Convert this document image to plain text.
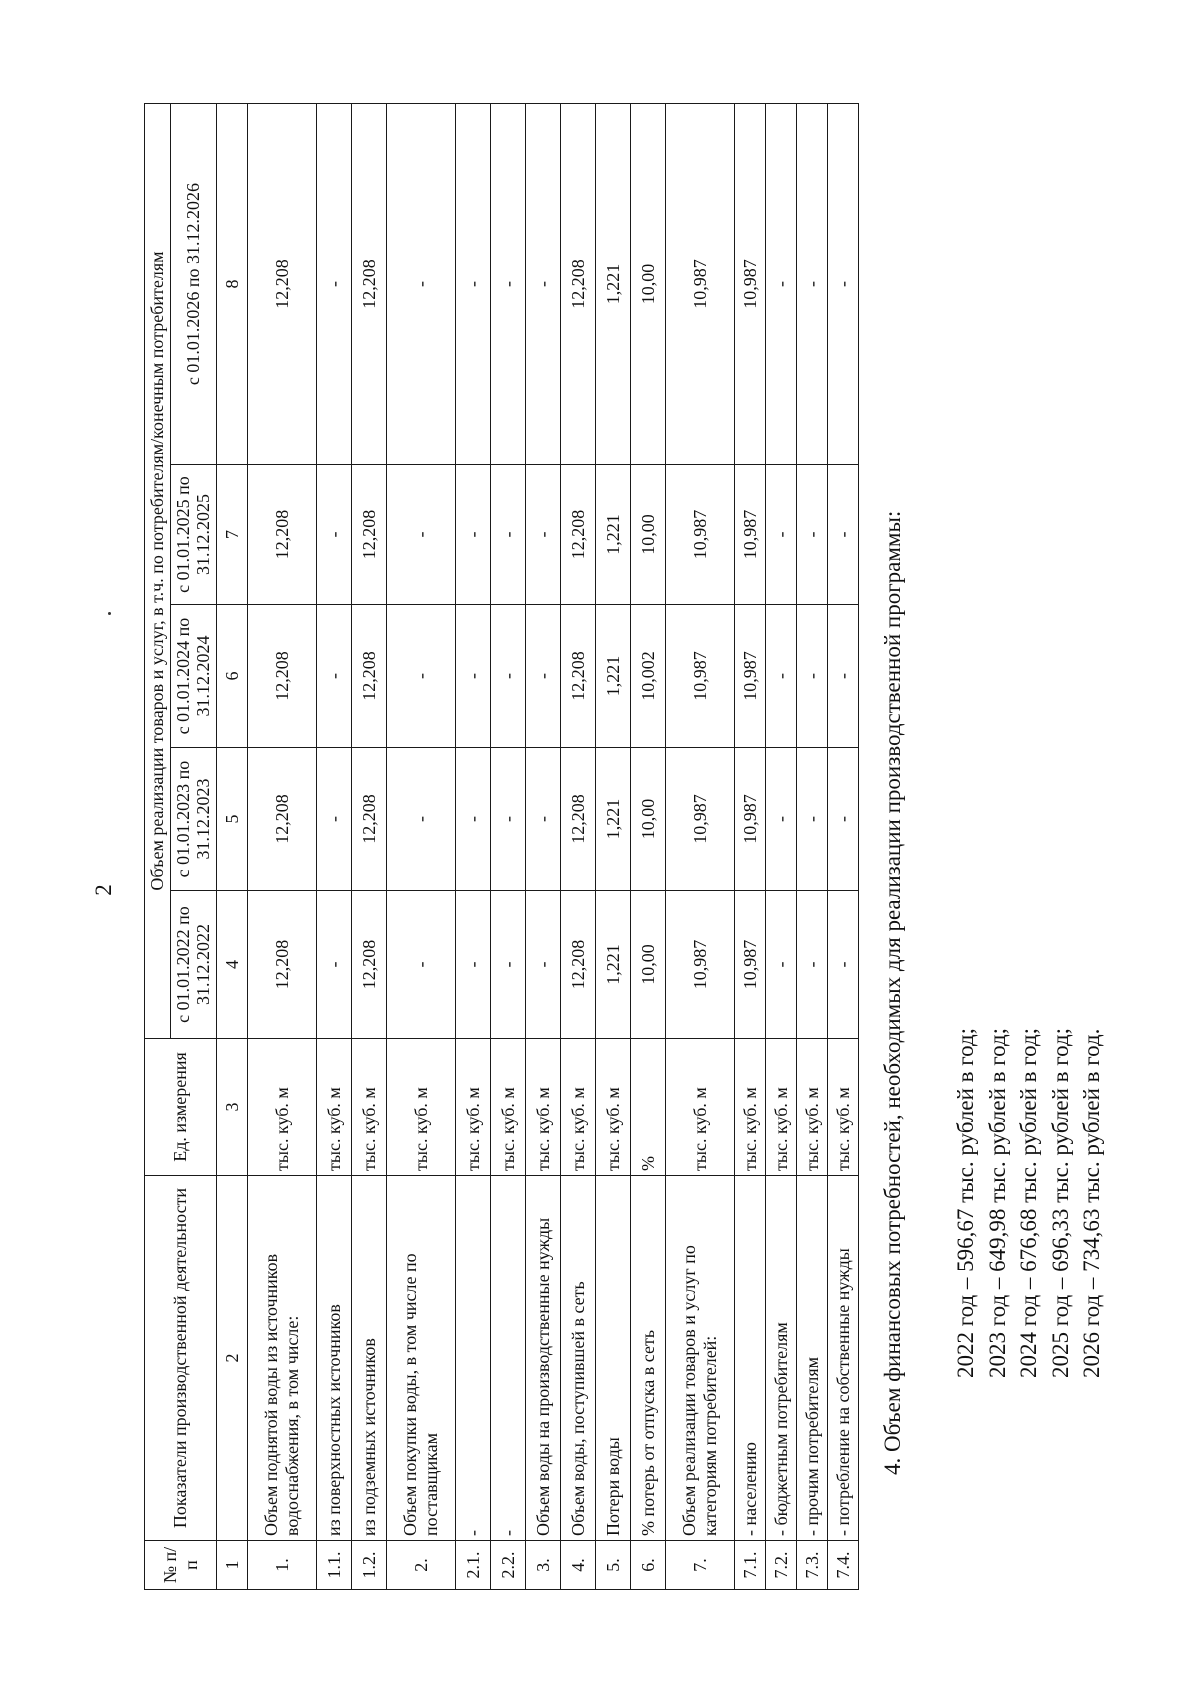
2
№ п/п	Показатели производственной деятельности	Ед. измерения	Объем реализации товаров и услуг, в т.ч. по потребителям/конечным потребителям				
			с 01.01.2022 по 31.12.2022	с 01.01.2023 по 31.12.2023	с 01.01.2024 по 31.12.2024	с 01.01.2025 по 31.12.2025	с 01.01.2026 по 31.12.2026
1	2	3	4	5	6	7	8
1.	Объем поднятой воды из источников водоснабжения, в том числе:	тыс. куб. м	12,208	12,208	12,208	12,208	12,208
1.1.	из поверхностных источников	тыс. куб. м	-	-	-	-	-
1.2.	из подземных источников	тыс. куб. м	12,208	12,208	12,208	12,208	12,208
2.	Объем покупки воды, в том числе по поставщикам	тыс. куб. м	-	-	-	-	-
2.1.	-	тыс. куб. м	-	-	-	-	-
2.2.	-	тыс. куб. м	-	-	-	-	-
3.	Объем воды на производственные нужды	тыс. куб. м	-	-	-	-	-
4.	Объем воды, поступившей в сеть	тыс. куб. м	12,208	12,208	12,208	12,208	12,208
5.	Потери воды	тыс. куб. м	1,221	1,221	1,221	1,221	1,221
6.	% потерь от отпуска в сеть	%	10,00	10,00	10,002	10,00	10,00
7.	Объем реализации товаров и услуг по категориям потребителей:	тыс. куб. м	10,987	10,987	10,987	10,987	10,987
7.1.	- населению	тыс. куб. м	10,987	10,987	10,987	10,987	10,987
7.2.	- бюджетным потребителям	тыс. куб. м	-	-	-	-	-
7.3.	- прочим потребителям	тыс. куб. м	-	-	-	-	-
7.4.	- потребление на собственные нужды	тыс. куб. м	-	-	-	-	-
4. Объем финансовых потребностей, необходимых для реализации производственной программы: 2022 год – 596,67 тыс. рублей в год; 2023 год – 649,98 тыс. рублей в год; 2024 год – 676,68 тыс. рублей в год; 2025 год – 696,33 тыс. рублей в год; 2026 год – 734,63 тыс. рублей в год.
